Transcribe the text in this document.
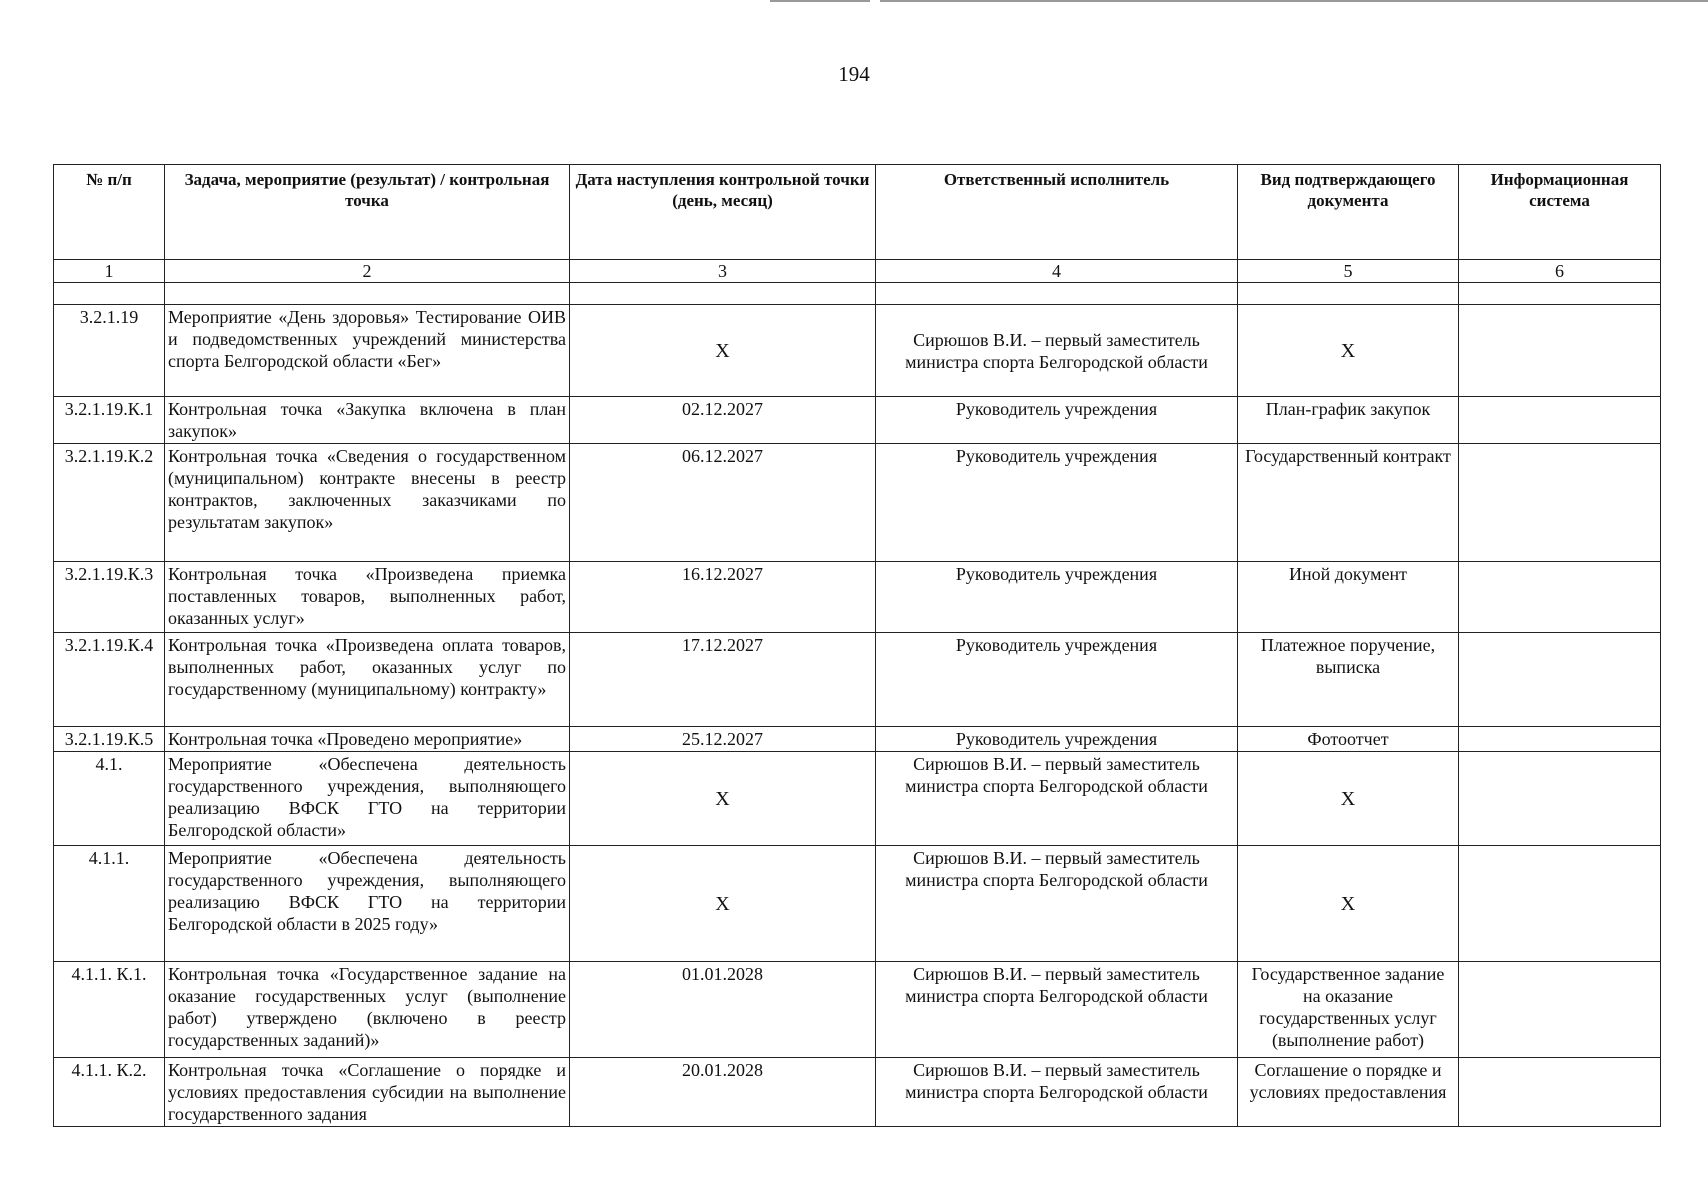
194
№ п/п	Задача, мероприятие (результат) / контрольная точка	Дата наступления контрольной точки (день, месяц)	Ответственный исполнитель	Вид подтверждающего документа	Информационная система
1	2	3	4	5	6

3.2.1.19	Мероприятие «День здоровья» Тестирование ОИВ и подведомственных учреждений министерства спорта Белгородской области «Бег»	X	Сирюшов В.И. – первый заместитель министра спорта Белгородской области	X	
3.2.1.19.К.1	Контрольная точка «Закупка включена в план закупок»	02.12.2027	Руководитель учреждения	План-график закупок	
3.2.1.19.К.2	Контрольная точка «Сведения о государственном (муниципальном) контракте внесены в реестр контрактов, заключенных заказчиками по результатам закупок»	06.12.2027	Руководитель учреждения	Государственный контракт	
3.2.1.19.К.3	Контрольная точка «Произведена приемка поставленных товаров, выполненных работ, оказанных услуг»	16.12.2027	Руководитель учреждения	Иной документ	
3.2.1.19.К.4	Контрольная точка «Произведена оплата товаров, выполненных работ, оказанных услуг по государственному (муниципальному) контракту»	17.12.2027	Руководитель учреждения	Платежное поручение, выписка	
3.2.1.19.К.5	Контрольная точка «Проведено мероприятие»	25.12.2027	Руководитель учреждения	Фотоотчет	
4.1.	Мероприятие «Обеспечена деятельность государственного учреждения, выполняющего реализацию ВФСК ГТО на территории Белгородской области»	X	Сирюшов В.И. – первый заместитель министра спорта Белгородской области	X	
4.1.1.	Мероприятие «Обеспечена деятельность государственного учреждения, выполняющего реализацию ВФСК ГТО на территории Белгородской области в 2025 году»	X	Сирюшов В.И. – первый заместитель министра спорта Белгородской области	X	
4.1.1. К.1.	Контрольная точка «Государственное задание на оказание государственных услуг (выполнение работ) утверждено (включено в реестр государственных заданий)»	01.01.2028	Сирюшов В.И. – первый заместитель министра спорта Белгородской области	Государственное задание на оказание государственных услуг (выполнение работ)	
4.1.1. К.2.	Контрольная точка «Соглашение о порядке и условиях предоставления субсидии на выполнение государственного задания	20.01.2028	Сирюшов В.И. – первый заместитель министра спорта Белгородской области	Соглашение о порядке и условиях предоставления	
